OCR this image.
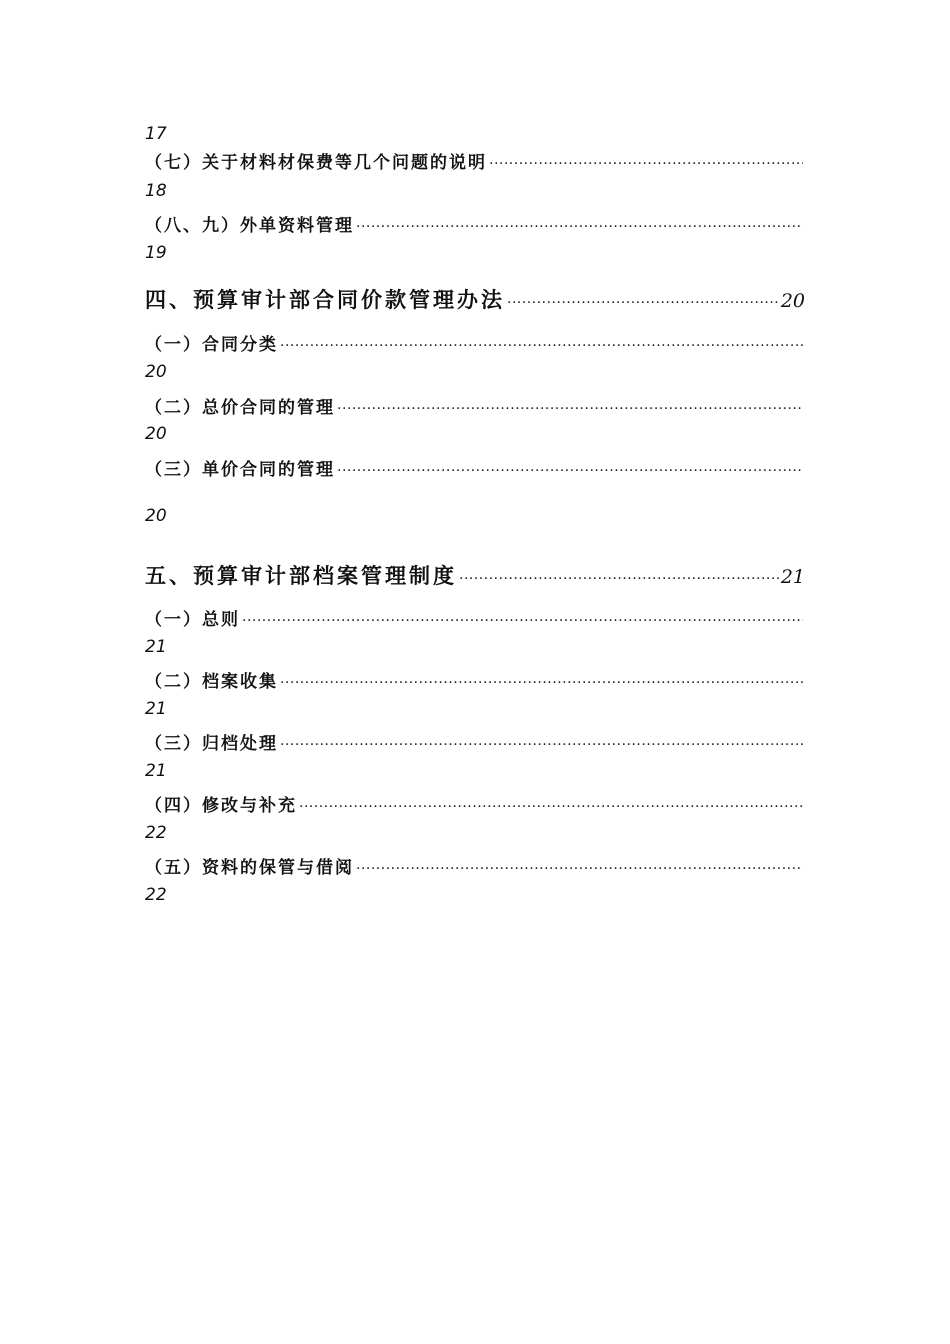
17
（七）关于材料材保费等几个问题的说明
·····
18
（八、九）外单资料管理
·····
19
四、预算审计部合同价款管理办法 ·····	20
（一）合同分类
·····
20
（二）总价合同的管理
·····
20
（三）单价合同的管理
·····
20
五、预算审计部档案管理制度 ·····	21
（一）总则
·····
21
（二）档案收集
·····
21
（三）归档处理
·····
21
（四）修改与补充
·····
22
（五）资料的保管与借阅
·····
22
